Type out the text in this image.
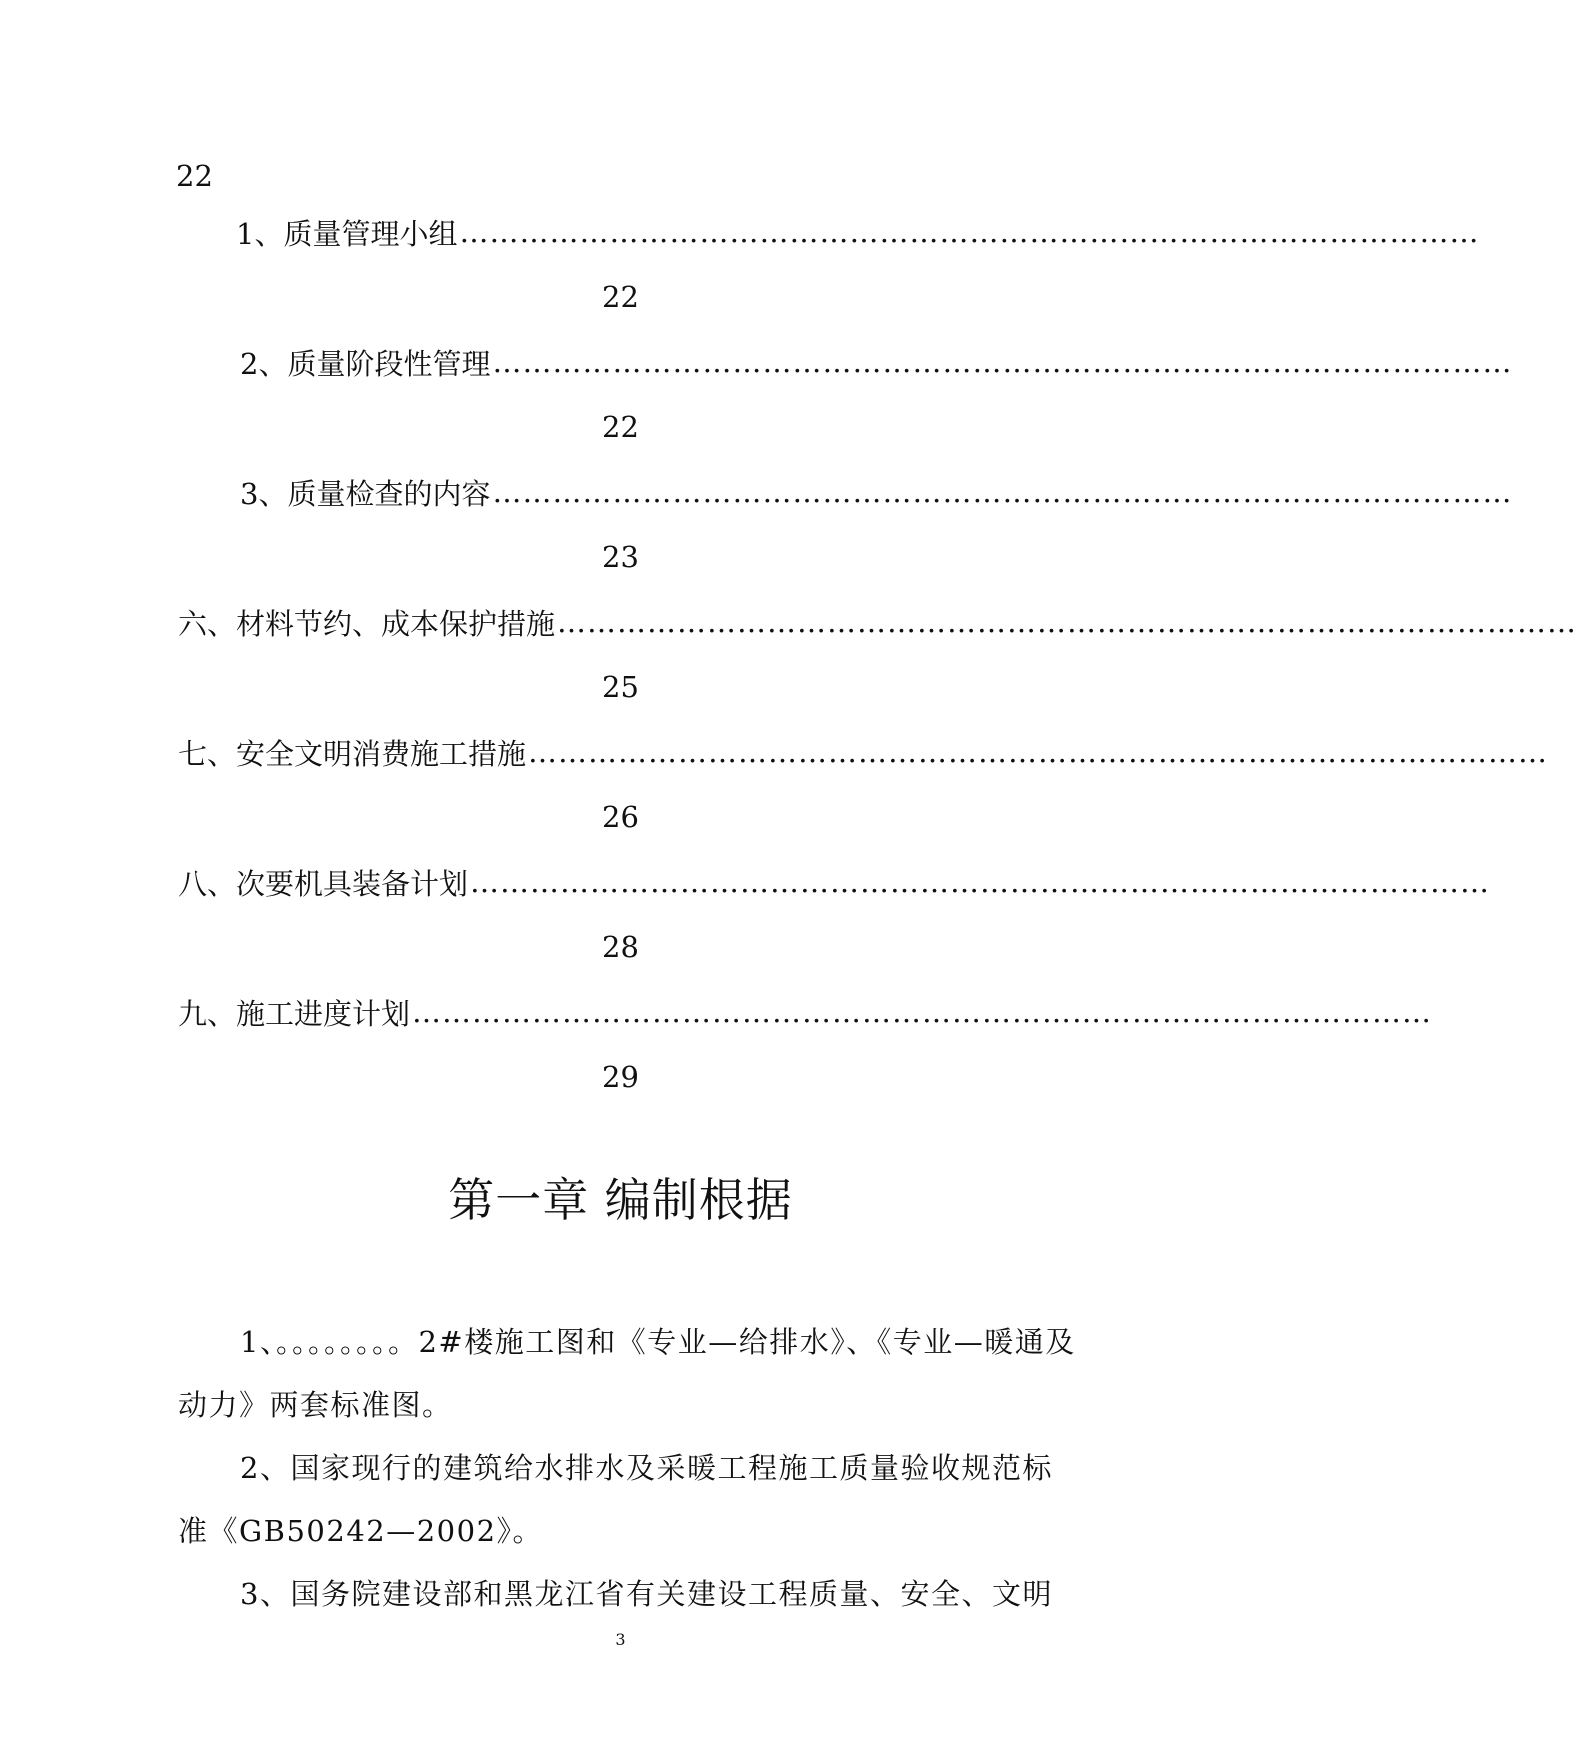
22
1、质量管理小组 …………………………………………………………………………………………
22
2、质量阶段性管理 …………………………………………………………………………………………
22
3、质量检查的内容 …………………………………………………………………………………………
23
六、材料节约、成本保护措施 …………………………………………………………………………………………
25
七、安全文明消费施工措施 …………………………………………………………………………………………
26
八、次要机具装备计划 …………………………………………………………………………………………
28
九、施工进度计划 …………………………………………………………………………………………
29
第一章 编制根据
1、。。。。。。。。2#楼施工图和《专业—给排水》、《专业—暖通及
动力》两套标准图。
2、国家现行的建筑给水排水及采暖工程施工质量验收规范标
准《GB50242—2002》。
3、国务院建设部和黑龙江省有关建设工程质量、安全、文明
3
